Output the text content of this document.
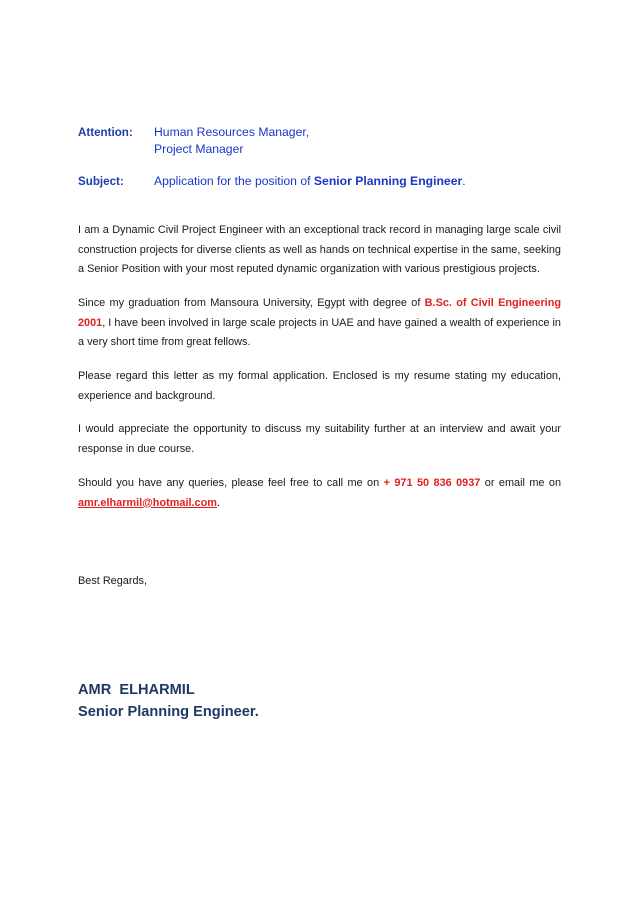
Attention:	Human Resources Manager,
Project Manager
Subject:	Application for the position of Senior Planning Engineer.

I am a Dynamic Civil Project Engineer with an exceptional track record in managing large scale civil construction projects for diverse clients as well as hands on technical expertise in the same, seeking a Senior Position with your most reputed dynamic organization with various prestigious projects.

Since my graduation from Mansoura University, Egypt with degree of B.Sc. of Civil Engineering 2001, I have been involved in large scale projects in UAE and have gained a wealth of experience in a very short time from great fellows.

Please regard this letter as my formal application. Enclosed is my resume stating my education, experience and background.

I would appreciate the opportunity to discuss my suitability further at an interview and await your response in due course.

Should you have any queries, please feel free to call me on + 971 50 836 0937 or email me on amr.elharmil@hotmail.com.

Best Regards,
AMR  ELHARMIL
Senior Planning Engineer.
